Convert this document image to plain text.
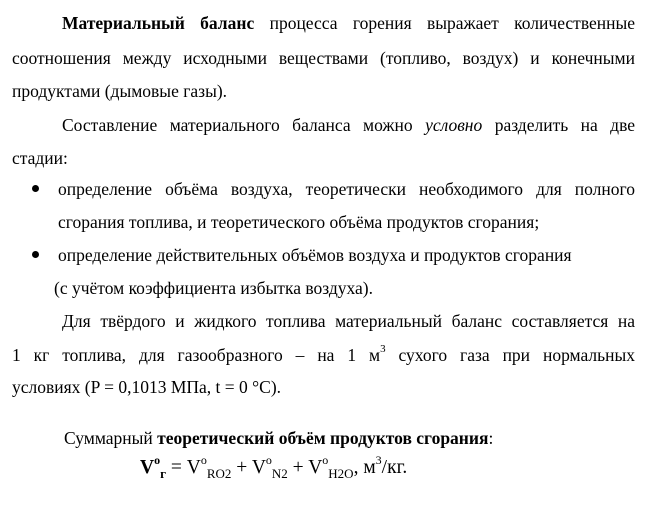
Материальный баланс процесса горения выражает количественные
соотношения между исходными веществами (топливо, воздух) и конечными
продуктами (дымовые газы).
Составление материального баланса можно условно разделить на две
стадии:
определение объёма воздуха, теоретически необходимого для полного
сгорания топлива, и теоретического объёма продуктов сгорания;
определение действительных объёмов воздуха и продуктов сгорания
(с учётом коэффициента избытка воздуха).
Для твёрдого и жидкого топлива материальный баланс составляется на
1 кг топлива, для газообразного – на 1 $м^3$ сухого газа при нормальных
условиях (P = 0,1013 МПа, t = 0 °C).
Суммарный теоретический объём продуктов сгорания:
$V^o_г = V^o_{RO2} + V^o_{N2} + V^o_{H2O}$, $м^3/кг$.
